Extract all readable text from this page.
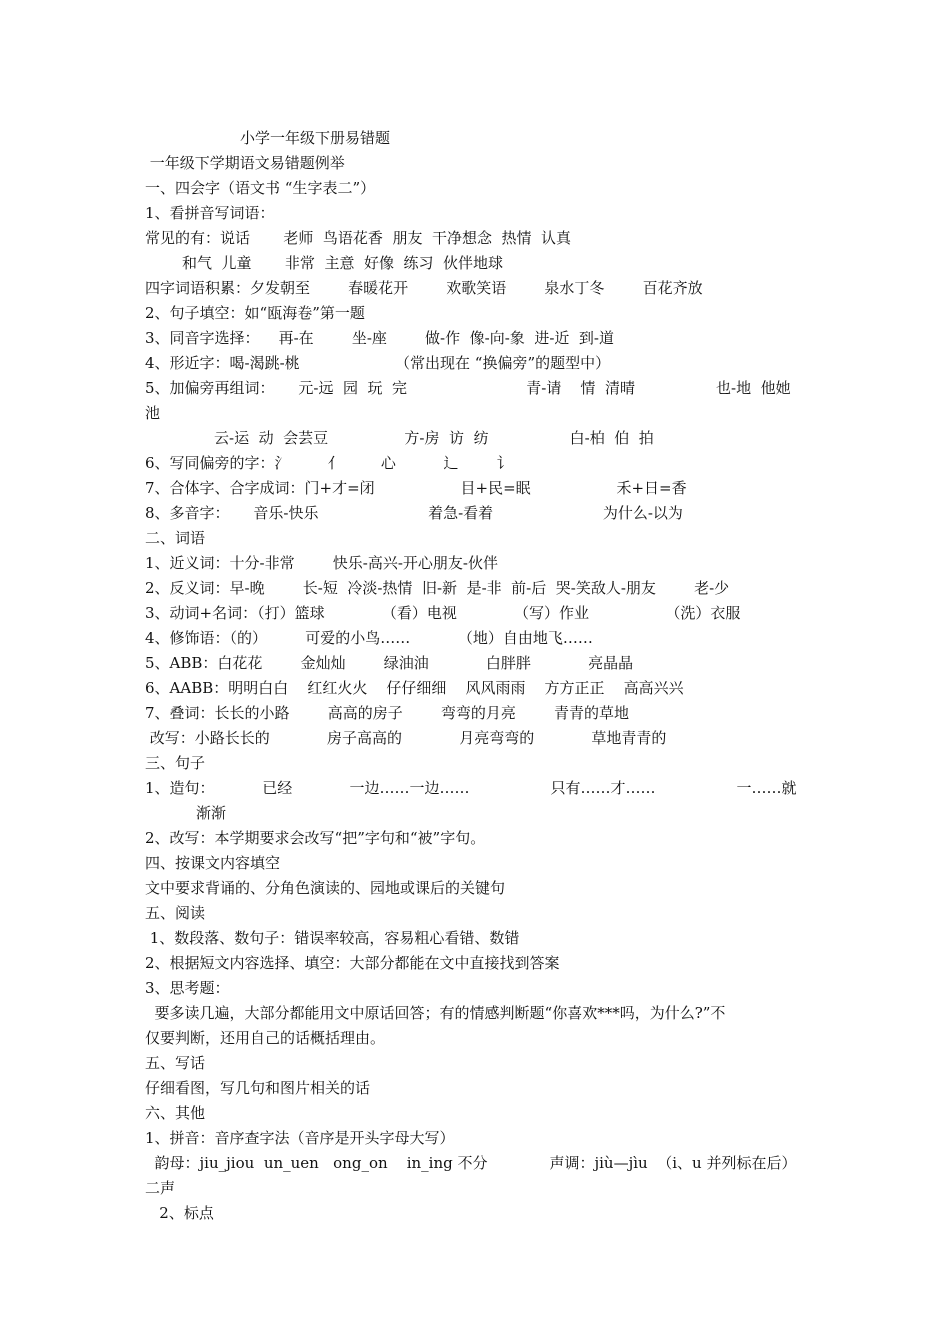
小学一年级下册易错题
一年级下学期语文易错题例举
一、四会字（语文书 “生字表二”）
1、看拼音写词语：
常见的有：说话       老师  鸟语花香  朋友  干净想念  热情  认真
和气  儿童       非常  主意  好像  练习  伙伴地球
四字词语积累：夕发朝至        春暖花开        欢歌笑语        泉水丁冬        百花齐放
2、句子填空：如“瓯海卷”第一题
3、同音字选择：    再-在        坐-座        做-作  像-向-象  进-近  到-道
4、形近字：喝-渴跳-桃                    （常出现在 “换偏旁”的题型中）
5、加偏旁再组词：     元-远  园  玩  完                         青-请    情  清晴                 也-地  他她
池
云-运  动  会芸豆                方-房  访  纺                 白-柏  伯  拍
6、写同偏旁的字：氵        亻        心          辶        讠
7、合体字、合字成词：门+才=闭                  目+民=眠                  禾+日=香
8、多音字：     音乐-快乐                       着急-看着                       为什么-以为
二、词语
1、近义词：十分-非常        快乐-高兴-开心朋友-伙伴
2、反义词：早-晚        长-短  冷淡-热情  旧-新  是-非  前-后  哭-笑敌人-朋友        老-少
3、动词+名词：（打）篮球            （看）电视            （写）作业                （洗）衣服
4、修饰语：（的）        可爱的小鸟……          （地）自由地飞……
5、ABB：白花花        金灿灿        绿油油            白胖胖            亮晶晶
6、AABB：明明白白    红红火火    仔仔细细    风风雨雨    方方正正    高高兴兴
7、叠词：长长的小路        高高的房子        弯弯的月亮        青青的草地
改写：小路长长的            房子高高的            月亮弯弯的            草地青青的
三、句子
1、造句：          已经            一边……一边……                 只有……才……                 一……就
渐渐
2、改写：本学期要求会改写“把”字句和“被”字句。
四、按课文内容填空
文中要求背诵的、分角色演读的、园地或课后的关键句
五、阅读
1、数段落、数句子：错误率较高，容易粗心看错、数错
2、根据短文内容选择、填空：大部分都能在文中直接找到答案
3、思考题：
要多读几遍，大部分都能用文中原话回答；有的情感判断题“你喜欢***吗，为什么?”不
仅要判断，还用自己的话概括理由。
五、写话
仔细看图，写几句和图片相关的话
六、其他
1、拼音：音序查字法（音序是开头字母大写）
韵母：jiu_jiou  un_uen   ong_on    in_ing 不分             声调：jiù—jìu  （i、u 并列标在后）
二声
2、标点
